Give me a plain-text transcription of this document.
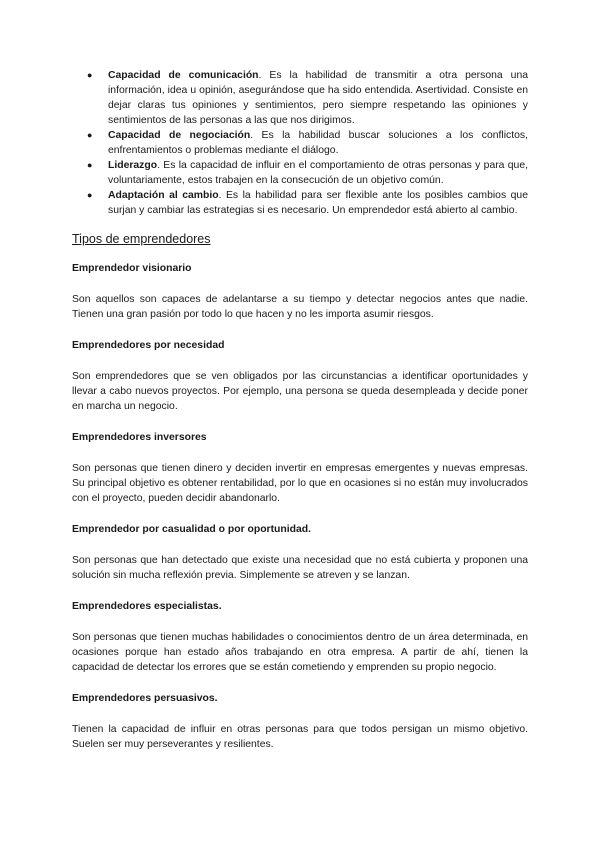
● Capacidad de comunicación. Es la habilidad de transmitir a otra persona una información, idea u opinión, asegurándose que ha sido entendida. Asertividad. Consiste en dejar claras tus opiniones y sentimientos, pero siempre respetando las opiniones y sentimientos de las personas a las que nos dirigimos.
● Capacidad de negociación. Es la habilidad buscar soluciones a los conflictos, enfrentamientos o problemas mediante el diálogo.
● Liderazgo. Es la capacidad de influir en el comportamiento de otras personas y para que, voluntariamente, estos trabajen en la consecución de un objetivo común.
● Adaptación al cambio. Es la habilidad para ser flexible ante los posibles cambios que surjan y cambiar las estrategias si es necesario. Un emprendedor está abierto al cambio.
Tipos de emprendedores
Emprendedor visionario

Son aquellos son capaces de adelantarse a su tiempo y detectar negocios antes que nadie. Tienen una gran pasión por todo lo que hacen y no les importa asumir riesgos.

Emprendedores por necesidad

Son emprendedores que se ven obligados por las circunstancias a identificar oportunidades y llevar a cabo nuevos proyectos. Por ejemplo, una persona se queda desempleada y decide poner en marcha un negocio.

Emprendedores inversores

Son personas que tienen dinero y deciden invertir en empresas emergentes y nuevas empresas. Su principal objetivo es obtener rentabilidad, por lo que en ocasiones si no están muy involucrados con el proyecto, pueden decidir abandonarlo.

Emprendedor por casualidad o por oportunidad.

Son personas que han detectado que existe una necesidad que no está cubierta y proponen una solución sin mucha reflexión previa. Simplemente se atreven y se lanzan.

Emprendedores especialistas.

Son personas que tienen muchas habilidades o conocimientos dentro de un área determinada, en ocasiones porque han estado años trabajando en otra empresa. A partir de ahí, tienen la capacidad de detectar los errores que se están cometiendo y emprenden su propio negocio.

Emprendedores persuasivos.

Tienen la capacidad de influir en otras personas para que todos persigan un mismo objetivo. Suelen ser muy perseverantes y resilientes.
